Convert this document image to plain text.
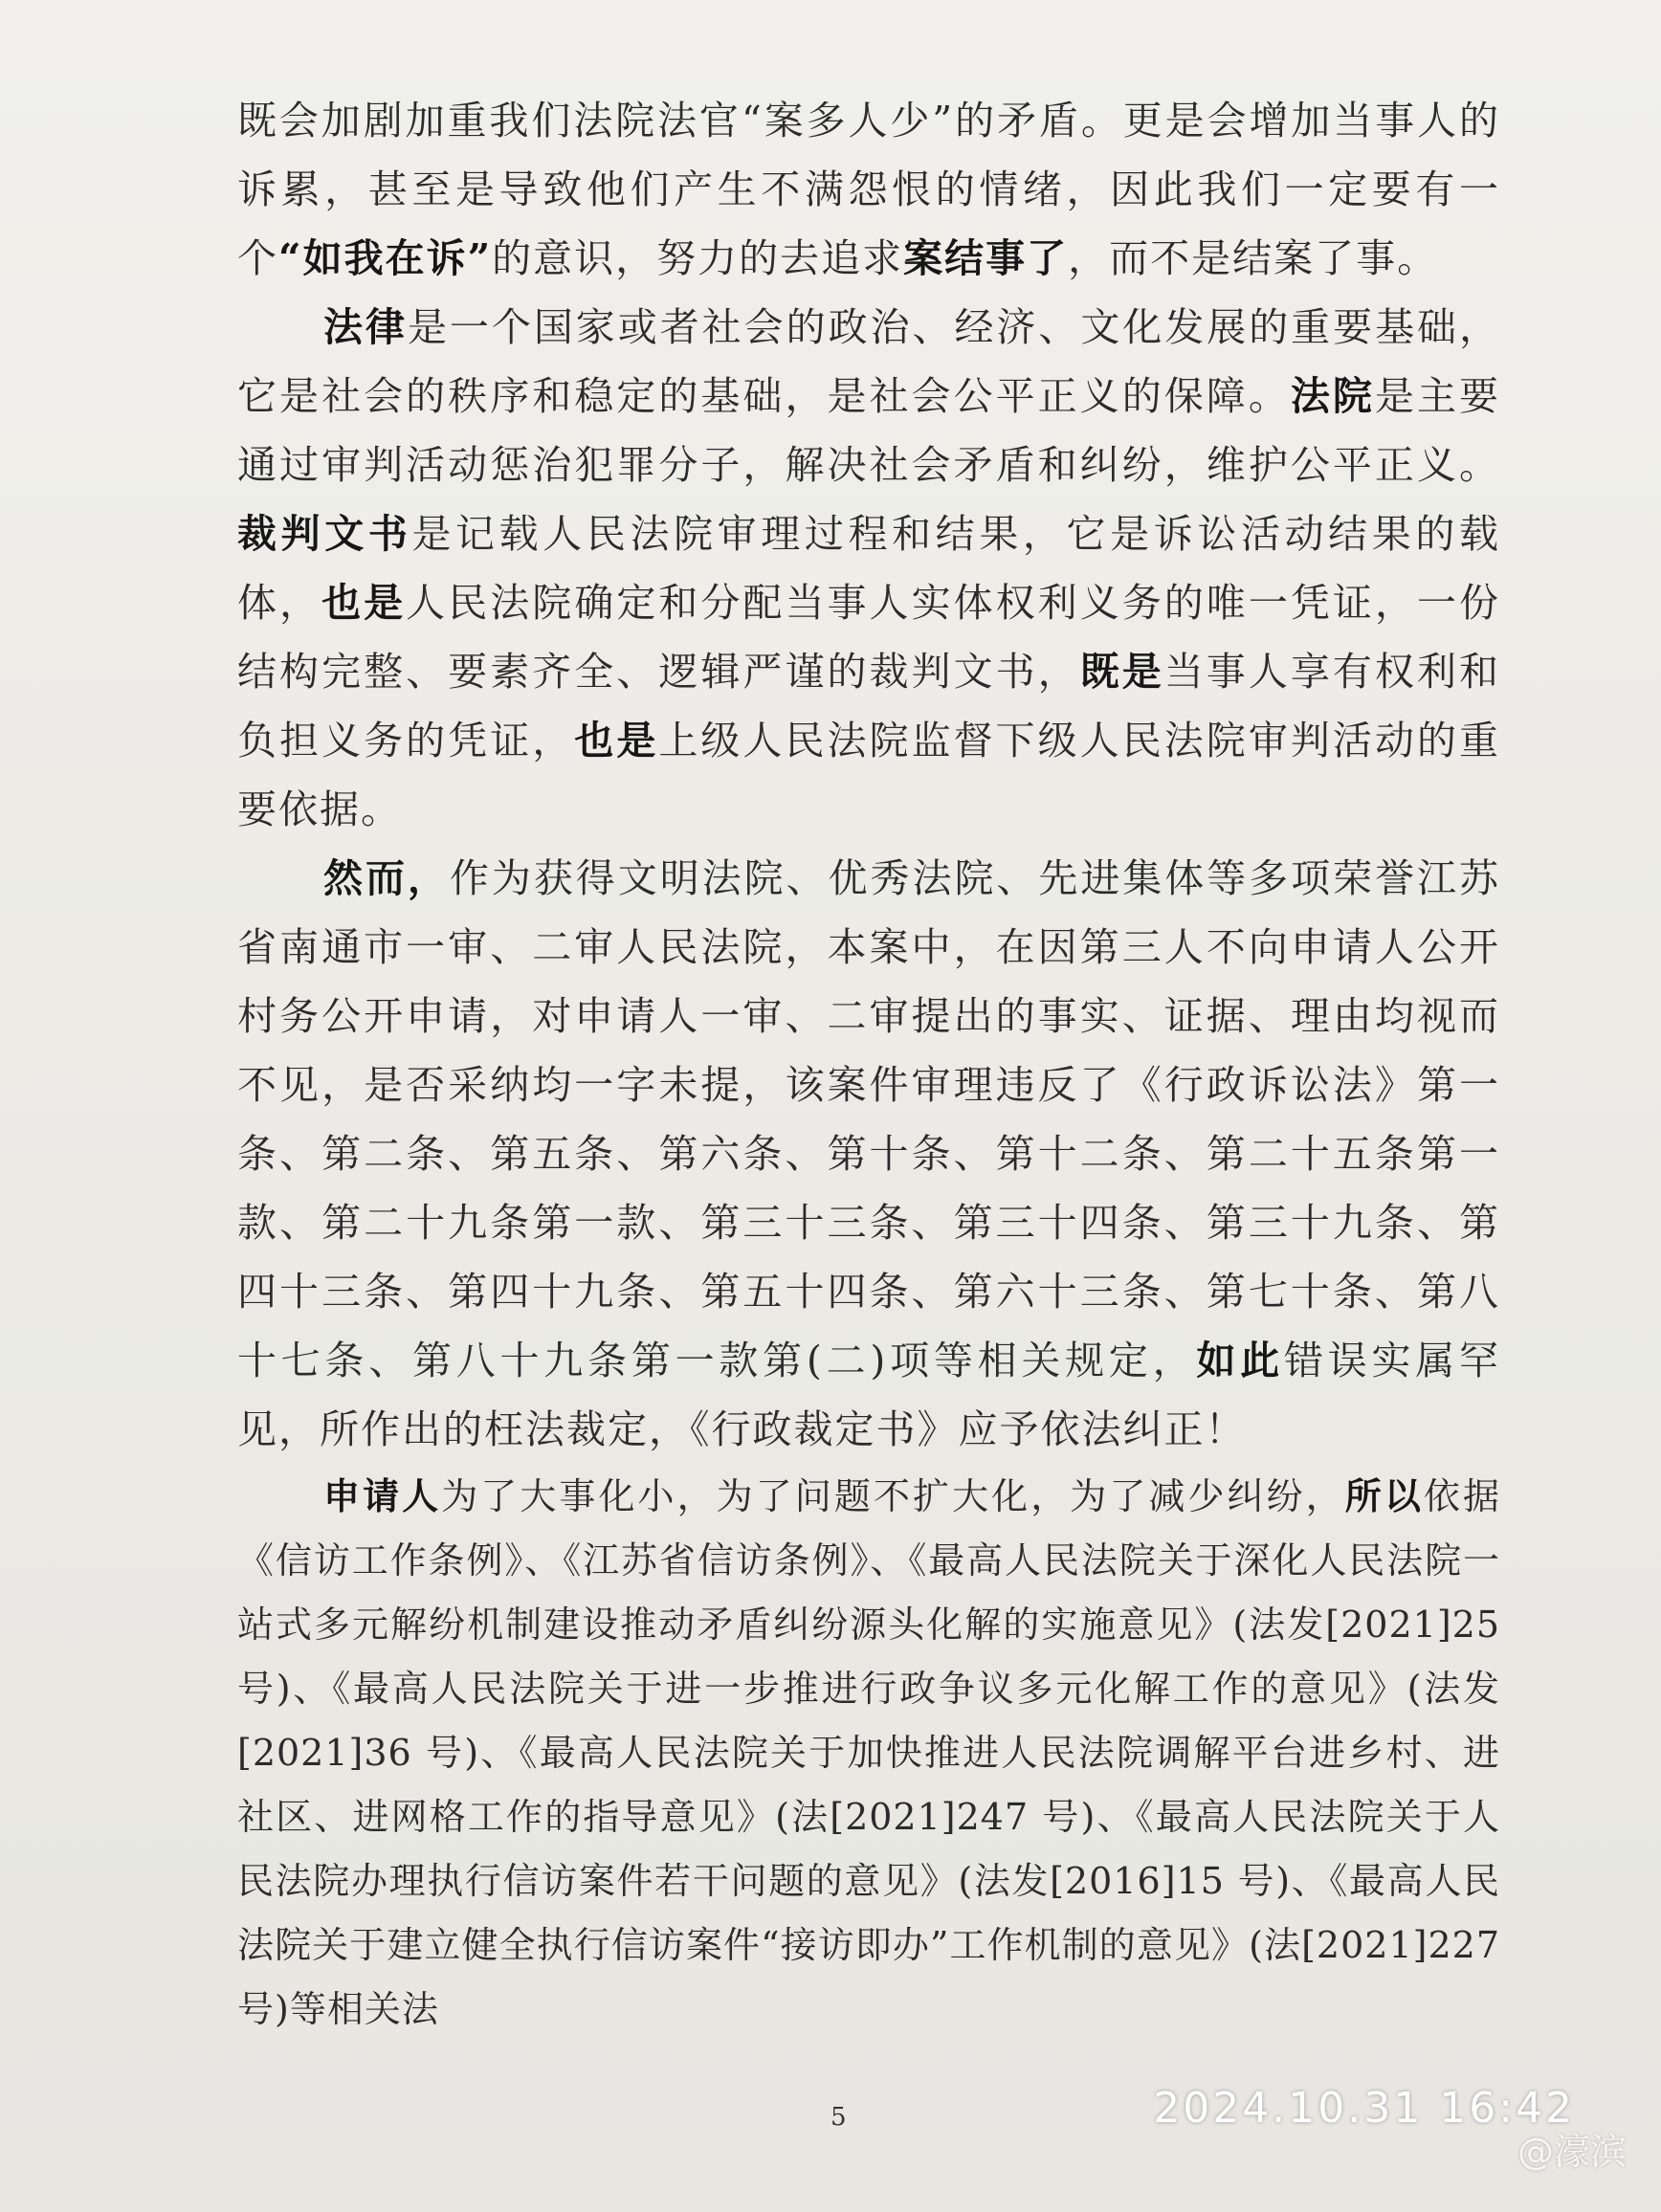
既会加剧加重我们法院法官“案多人少”的矛盾。更是会增加当事人的诉累，甚至是导致他们产生不满怨恨的情绪，因此我们一定要有一个“如我在诉”的意识，努力的去追求案结事了，而不是结案了事。

法律是一个国家或者社会的政治、经济、文化发展的重要基础，它是社会的秩序和稳定的基础，是社会公平正义的保障。法院是主要通过审判活动惩治犯罪分子，解决社会矛盾和纠纷，维护公平正义。裁判文书是记载人民法院审理过程和结果，它是诉讼活动结果的载体，也是人民法院确定和分配当事人实体权利义务的唯一凭证，一份结构完整、要素齐全、逻辑严谨的裁判文书，既是当事人享有权利和负担义务的凭证，也是上级人民法院监督下级人民法院审判活动的重要依据。

然而，作为获得文明法院、优秀法院、先进集体等多项荣誉江苏省南通市一审、二审人民法院，本案中，在因第三人不向申请人公开村务公开申请，对申请人一审、二审提出的事实、证据、理由均视而不见，是否采纳均一字未提，该案件审理违反了《行政诉讼法》第一条、第二条、第五条、第六条、第十条、第十二条、第二十五条第一款、第二十九条第一款、第三十三条、第三十四条、第三十九条、第四十三条、第四十九条、第五十四条、第六十三条、第七十条、第八十七条、第八十九条第一款第(二)项等相关规定，如此错误实属罕见，所作出的枉法裁定，《行政裁定书》应予依法纠正！

申请人为了大事化小，为了问题不扩大化，为了减少纠纷，所以依据《信访工作条例》、《江苏省信访条例》、《最高人民法院关于深化人民法院一站式多元解纷机制建设推动矛盾纠纷源头化解的实施意见》(法发[2021]25 号)、《最高人民法院关于进一步推进行政争议多元化解工作的意见》(法发[2021]36 号)、《最高人民法院关于加快推进人民法院调解平台进乡村、进社区、进网格工作的指导意见》(法[2021]247 号)、《最高人民法院关于人民法院办理执行信访案件若干问题的意见》(法发[2016]15 号)、《最高人民法院关于建立健全执行信访案件“接访即办”工作机制的意见》(法[2021]227 号)等相关法

5	2024.10.31 16:42
@濠滨
